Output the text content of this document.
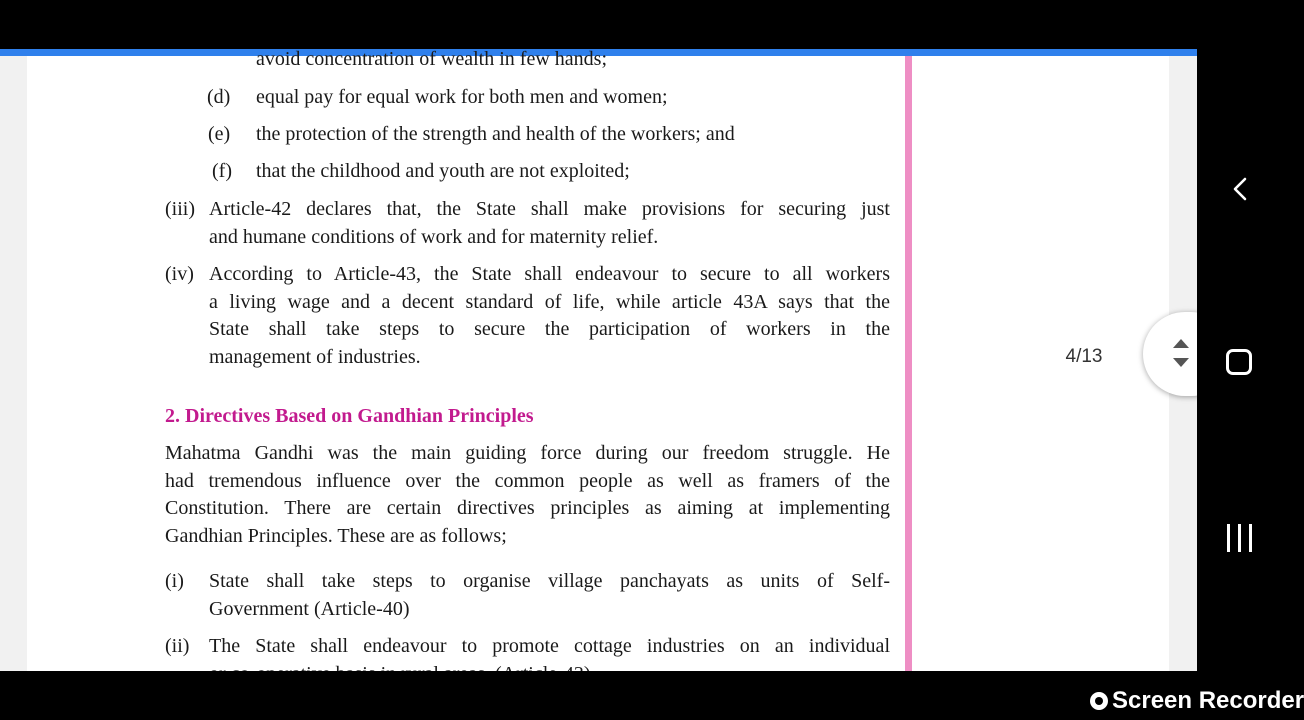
avoid concentration of wealth in few hands;
(d) equal pay for equal work for both men and women;
(e) the protection of the strength and health of the workers; and
(f) that the childhood and youth are not exploited;
(iii) Article-42 declares that, the State shall make provisions for securing just
and humane conditions of work and for maternity relief.
(iv) According to Article-43, the State shall endeavour to secure to all workers
a living wage and a decent standard of life, while article 43A says that the
State shall take steps to secure the participation of workers in the
management of industries.
2. Directives Based on Gandhian Principles
Mahatma Gandhi was the main guiding force during our freedom struggle. He
had tremendous influence over the common people as well as framers of the
Constitution. There are certain directives principles as aiming at implementing
Gandhian Principles. These are as follows;
(i) State shall take steps to organise village panchayats as units of Self-
Government (Article-40)
(ii) The State shall endeavour to promote cottage industries on an individual
4/13
Screen Recorder
